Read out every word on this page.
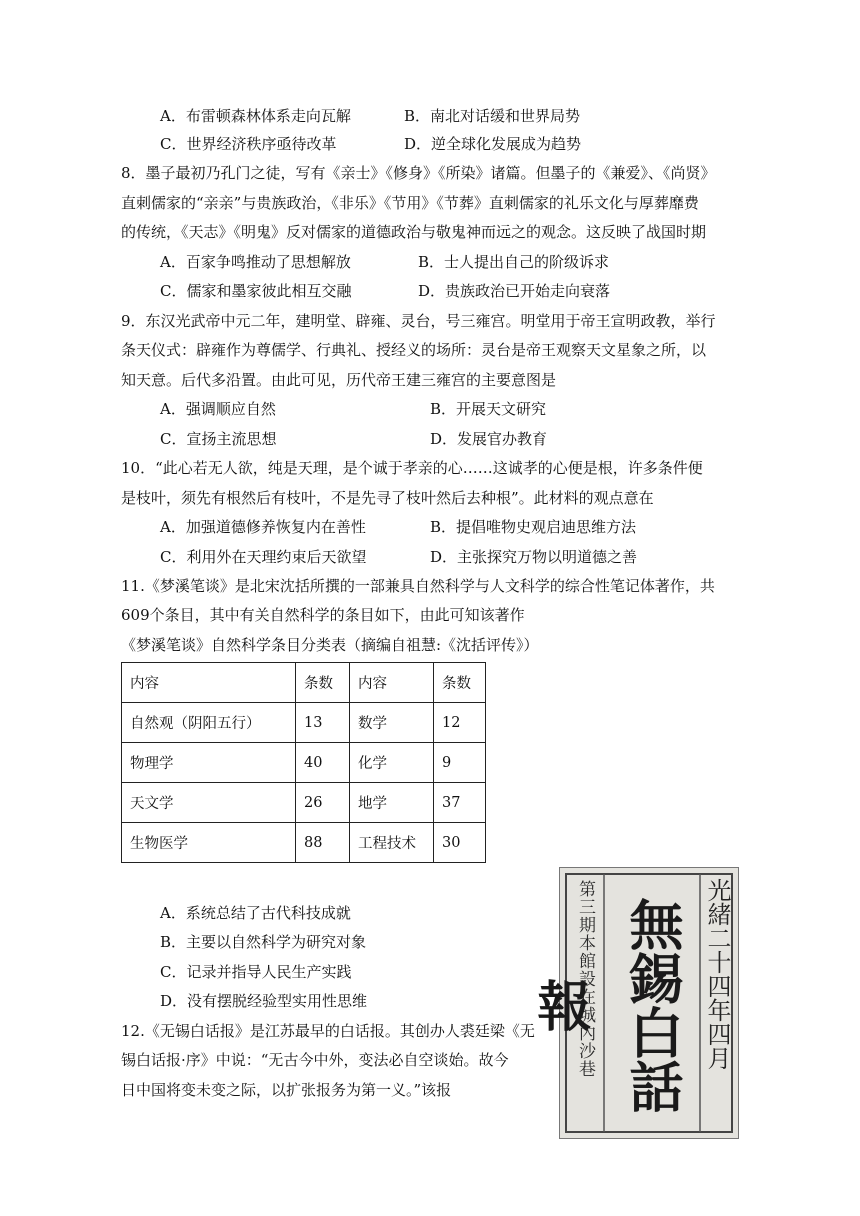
A．布雷顿森林体系走向瓦解	B．南北对话缓和世界局势
C．世界经济秩序亟待改革	D．逆全球化发展成为趋势
8．墨子最初乃孔门之徒，写有《亲士》《修身》《所染》诸篇。但墨子的《兼爱》、《尚贤》
直刺儒家的“亲亲”与贵族政治，《非乐》《节用》《节葬》直刺儒家的礼乐文化与厚葬靡费
的传统，《天志》《明鬼》反对儒家的道德政治与敬鬼神而远之的观念。这反映了战国时期
A．百家争鸣推动了思想解放	B．士人提出自己的阶级诉求
C．儒家和墨家彼此相互交融	D．贵族政治已开始走向衰落
9．东汉光武帝中元二年，建明堂、辟雍、灵台，号三雍宫。明堂用于帝王宣明政教，举行
条天仪式：辟雍作为尊儒学、行典礼、授经义的场所：灵台是帝王观察天文星象之所，以
知天意。后代多沿置。由此可见，历代帝王建三雍宫的主要意图是
A．强调顺应自然	B．开展天文研究
C．宣扬主流思想	D．发展官办教育
10．“此心若无人欲，纯是天理，是个诚于孝亲的心……这诚孝的心便是根，许多条件便
是枝叶，须先有根然后有枝叶，不是先寻了枝叶然后去种根”。此材料的观点意在
A．加强道德修养恢复内在善性	B．提倡唯物史观启迪思维方法
C．利用外在天理约束后天欲望	D．主张探究万物以明道德之善
11.《梦溪笔谈》是北宋沈括所撰的一部兼具自然科学与人文科学的综合性笔记体著作，共
609个条目，其中有关自然科学的条目如下，由此可知该著作
《梦溪笔谈》自然科学条目分类表（摘编自祖慧:《沈括评传》）
内容	条数	内容	条数
自然观（阴阳五行）	13	数学	12
物理学	40	化学	9
天文学	26	地学	37
生物医学	88	工程技术	30
A．系统总结了古代科技成就
B．主要以自然科学为研究对象
C．记录并指导人民生产实践
D．没有摆脱经验型实用性思维
12.《无锡白话报》是江苏最早的白话报。其创办人裘廷梁《无
锡白话报·序》中说：“无古今中外，变法必自空谈始。故今
日中国将变未变之际，以扩张报务为第一义。”该报
第三期本館設在城內沙巷 無錫白話報	光緒二十四年四月
